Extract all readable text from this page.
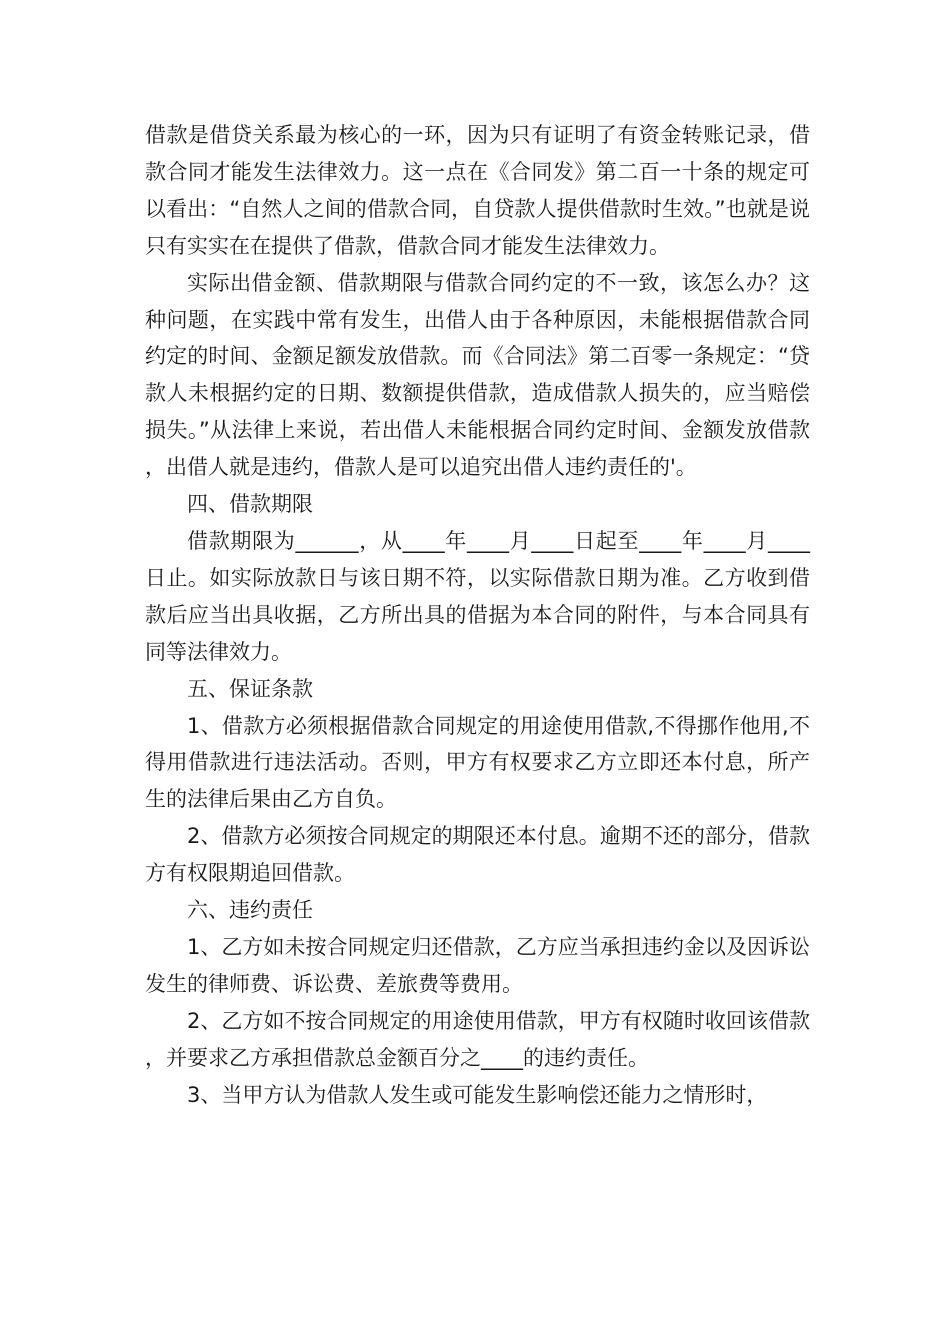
借款是借贷关系最为核心的一环，因为只有证明了有资金转账记录，借款合同才能发生法律效力。这一点在《合同发》第二百一十条的规定可以看出：“自然人之间的借款合同，自贷款人提供借款时生效。”也就是说只有实实在在提供了借款，借款合同才能发生法律效力。

实际出借金额、借款期限与借款合同约定的不一致，该怎么办？这种问题，在实践中常有发生，出借人由于各种原因，未能根据借款合同约定的时间、金额足额发放借款。而《合同法》第二百零一条规定：“贷款人未根据约定的日期、数额提供借款，造成借款人损失的，应当赔偿损失。”从法律上来说，若出借人未能根据合同约定时间、金额发放借款，出借人就是违约，借款人是可以追究出借人违约责任的'。

四、借款期限

借款期限为______，从____年____月____日起至____年____月____日止。如实际放款日与该日期不符，以实际借款日期为准。乙方收到借款后应当出具收据，乙方所出具的借据为本合同的附件，与本合同具有同等法律效力。

五、保证条款

1、借款方必须根据借款合同规定的用途使用借款,不得挪作他用,不得用借款进行违法活动。否则，甲方有权要求乙方立即还本付息，所产生的法律后果由乙方自负。

2、借款方必须按合同规定的期限还本付息。逾期不还的部分，借款方有权限期追回借款。

六、违约责任

1、乙方如未按合同规定归还借款，乙方应当承担违约金以及因诉讼发生的律师费、诉讼费、差旅费等费用。

2、乙方如不按合同规定的用途使用借款，甲方有权随时收回该借款，并要求乙方承担借款总金额百分之____的违约责任。

3、当甲方认为借款人发生或可能发生影响偿还能力之情形时，
